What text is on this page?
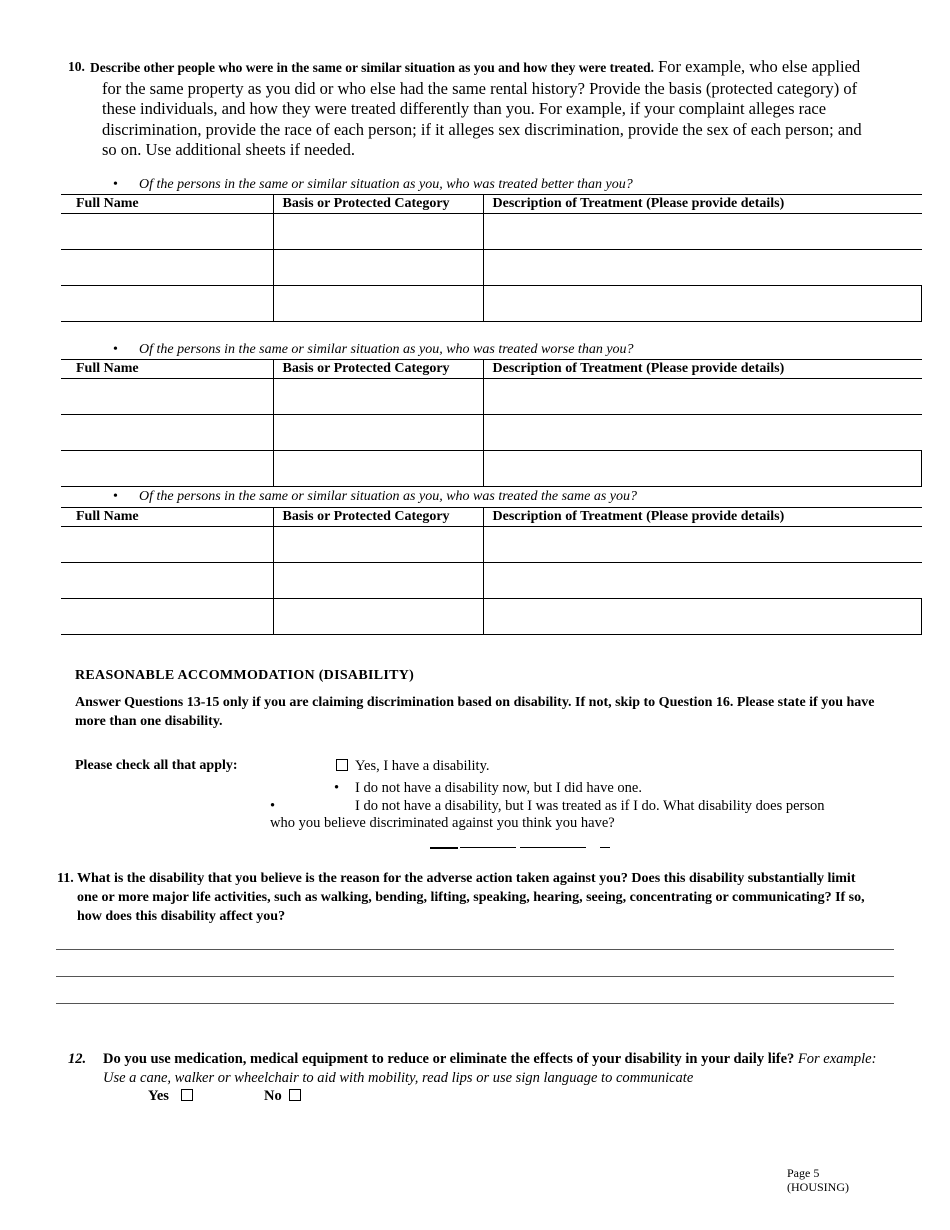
10. Describe other people who were in the same or similar situation as you and how they were treated. For example, who else applied for the same property as you did or who else had the same rental history? Provide the basis (protected category) of these individuals, and how they were treated differently than you. For example, if your complaint alleges race discrimination, provide the race of each person; if it alleges sex discrimination, provide the sex of each person; and so on. Use additional sheets if needed.
• Of the persons in the same or similar situation as you, who was treated better than you?
Full Name	Basis or Protected Category	Description of Treatment (Please provide details)

• Of the persons in the same or similar situation as you, who was treated worse than you?
Full Name	Basis or Protected Category	Description of Treatment (Please provide details)

• Of the persons in the same or similar situation as you, who was treated the same as you?
Full Name	Basis or Protected Category	Description of Treatment (Please provide details)

REASONABLE ACCOMMODATION (DISABILITY)
Answer Questions 13-15 only if you are claiming discrimination based on disability. If not, skip to Question 16. Please state if you have more than one disability.
Please check all that apply:	Yes, I have a disability.
• I do not have a disability now, but I did have one.
•	I do not have a disability, but I was treated as if I do. What disability does person
who you believe discriminated against you think you have?
11. What is the disability that you believe is the reason for the adverse action taken against you? Does this disability substantially limit one or more major life activities, such as walking, bending, lifting, speaking, hearing, seeing, concentrating or communicating? If so, how does this disability affect you?
12.	Do you use medication, medical equipment to reduce or eliminate the effects of your disability in your daily life? For example: Use a cane, walker or wheelchair to aid with mobility, read lips or use sign language to communicate
Yes	No
Page 5
(HOUSING)
